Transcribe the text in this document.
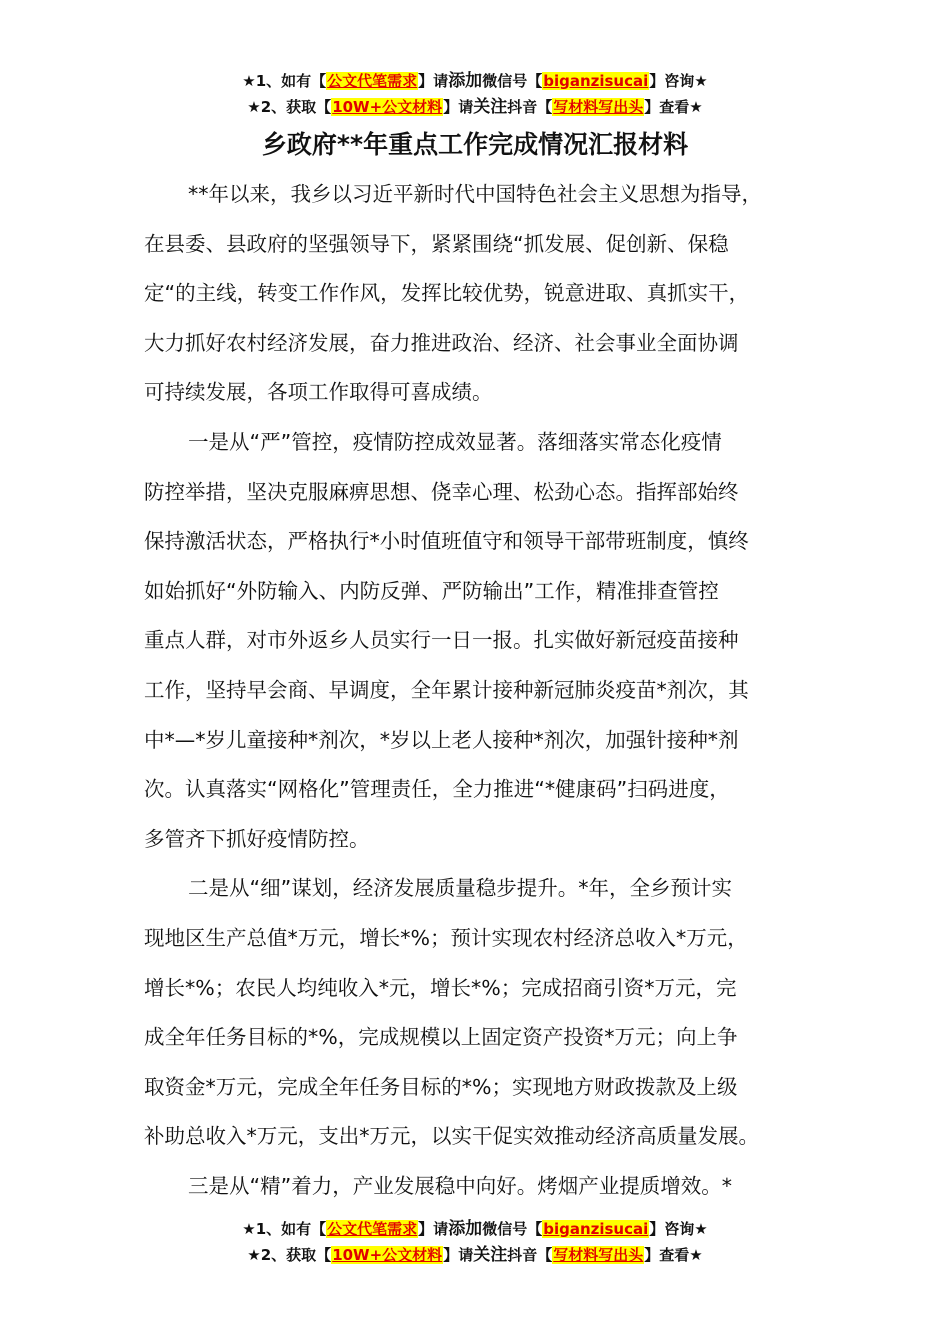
★1、如有【公文代笔需求】请添加微信号【biganzisucai】咨询★
★2、获取【10W+公文材料】请关注抖音【写材料写出头】查看★
乡政府**年重点工作完成情况汇报材料

**年以来，我乡以习近平新时代中国特色社会主义思想为指导，

在县委、县政府的坚强领导下，紧紧围绕“抓发展、促创新、保稳

定“的主线，转变工作作风，发挥比较优势，锐意进取、真抓实干，

大力抓好农村经济发展，奋力推进政治、经济、社会事业全面协调

可持续发展，各项工作取得可喜成绩。

一是从“严”管控，疫情防控成效显著。落细落实常态化疫情

防控举措，坚决克服麻痹思想、侥幸心理、松劲心态。指挥部始终

保持激活状态，严格执行*小时值班值守和领导干部带班制度，慎终

如始抓好“外防输入、内防反弹、严防输出”工作，精准排查管控

重点人群，对市外返乡人员实行一日一报。扎实做好新冠疫苗接种

工作，坚持早会商、早调度，全年累计接种新冠肺炎疫苗*剂次，其

中*—*岁儿童接种*剂次，*岁以上老人接种*剂次，加强针接种*剂

次。认真落实“网格化”管理责任，全力推进“*健康码”扫码进度，

多管齐下抓好疫情防控。

二是从“细”谋划，经济发展质量稳步提升。*年，全乡预计实

现地区生产总值*万元，增长*%；预计实现农村经济总收入*万元，

增长*%；农民人均纯收入*元，增长*%；完成招商引资*万元，完

成全年任务目标的*%，完成规模以上固定资产投资*万元；向上争

取资金*万元，完成全年任务目标的*%；实现地方财政拨款及上级

补助总收入*万元，支出*万元，以实干促实效推动经济高质量发展。

三是从“精”着力，产业发展稳中向好。烤烟产业提质增效。*

★1、如有【公文代笔需求】请添加微信号【biganzisucai】咨询★
★2、获取【10W+公文材料】请关注抖音【写材料写出头】查看★
